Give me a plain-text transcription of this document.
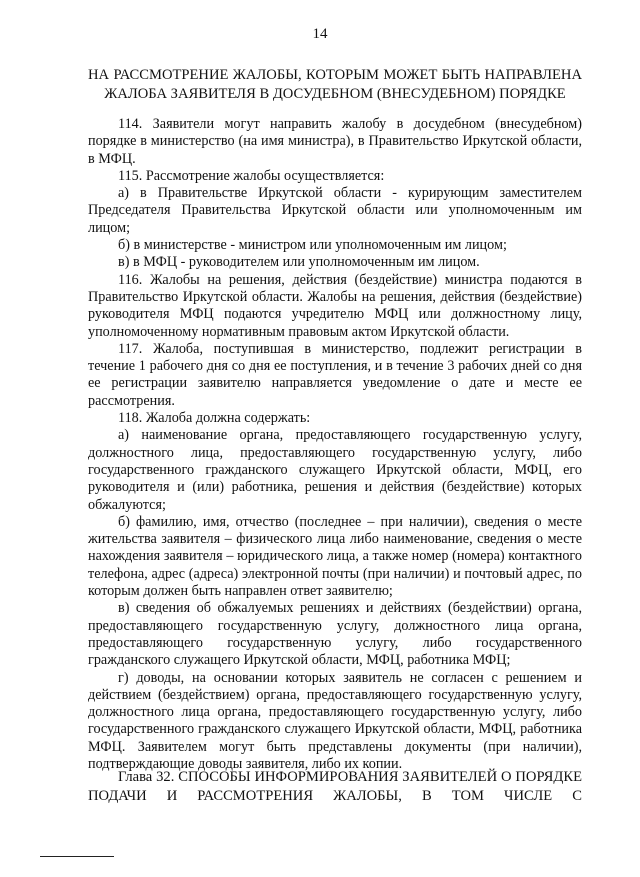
14
НА РАССМОТРЕНИЕ ЖАЛОБЫ, КОТОРЫМ МОЖЕТ БЫТЬ НАПРАВЛЕНА ЖАЛОБА ЗАЯВИТЕЛЯ В ДОСУДЕБНОМ (ВНЕСУДЕБНОМ) ПОРЯДКЕ

114. Заявители могут направить жалобу в досудебном (внесудебном) порядке в министерство (на имя министра), в Правительство Иркутской области, в МФЦ.

115. Рассмотрение жалобы осуществляется:

а) в Правительстве Иркутской области - курирующим заместителем Председателя Правительства Иркутской области или уполномоченным им лицом;

б) в министерстве - министром или уполномоченным им лицом;

в) в МФЦ - руководителем или уполномоченным им лицом.

116. Жалобы на решения, действия (бездействие) министра подаются в Правительство Иркутской области. Жалобы на решения, действия (бездействие) руководителя МФЦ подаются учредителю МФЦ или должностному лицу, уполномоченному нормативным правовым актом Иркутской области.

117. Жалоба, поступившая в министерство, подлежит регистрации в течение 1 рабочего дня со дня ее поступления, и в течение 3 рабочих дней со дня ее регистрации заявителю направляется уведомление о дате и месте ее рассмотрения.

118. Жалоба должна содержать:

а) наименование органа, предоставляющего государственную услугу, должностного лица, предоставляющего государственную услугу, либо государственного гражданского служащего Иркутской области, МФЦ, его руководителя и (или) работника, решения и действия (бездействие) которых обжалуются;

б) фамилию, имя, отчество (последнее – при наличии), сведения о месте жительства заявителя – физического лица либо наименование, сведения о месте нахождения заявителя – юридического лица, а также номер (номера) контактного телефона, адрес (адреса) электронной почты (при наличии) и почтовый адрес, по которым должен быть направлен ответ заявителю;

в) сведения об обжалуемых решениях и действиях (бездействии) органа, предоставляющего государственную услугу, должностного лица органа, предоставляющего государственную услугу, либо государственного гражданского служащего Иркутской области, МФЦ, работника МФЦ;

г) доводы, на основании которых заявитель не согласен с решением и действием (бездействием) органа, предоставляющего государственную услугу, должностного лица органа, предоставляющего государственную услугу, либо государственного гражданского служащего Иркутской области, МФЦ, работника МФЦ. Заявителем могут быть представлены документы (при наличии), подтверждающие доводы заявителя, либо их копии.

Глава 32. СПОСОБЫ ИНФОРМИРОВАНИЯ ЗАЯВИТЕЛЕЙ О ПОРЯДКЕ ПОДАЧИ И РАССМОТРЕНИЯ ЖАЛОБЫ, В ТОМ ЧИСЛЕ С
